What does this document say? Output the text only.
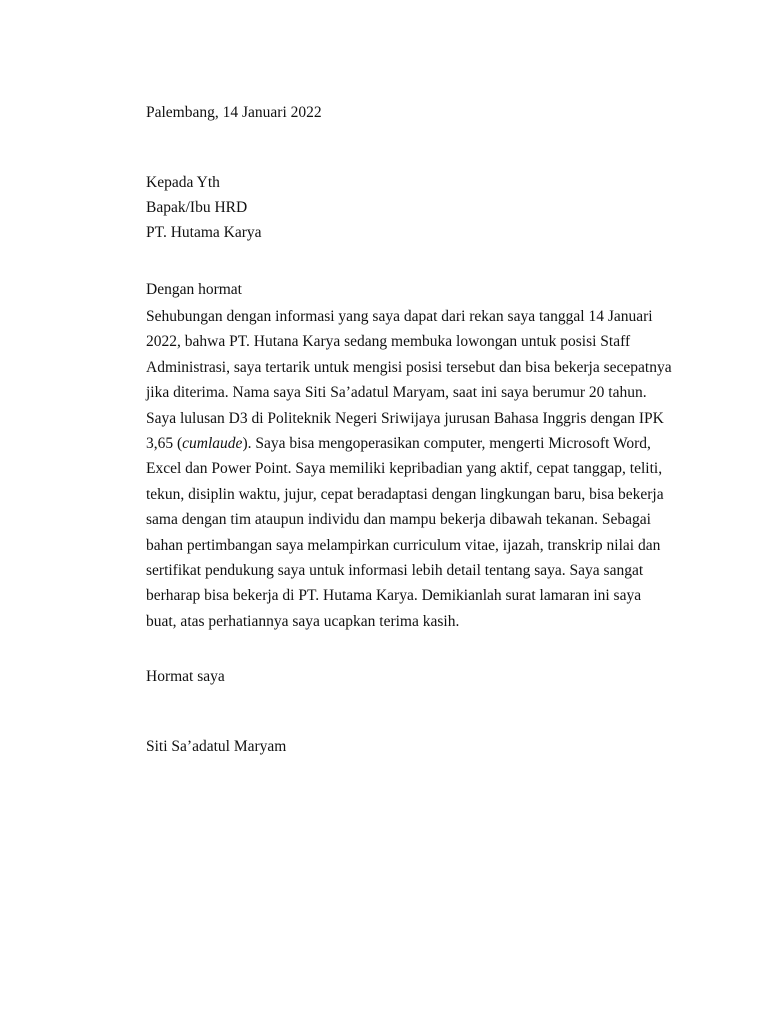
Palembang, 14 Januari 2022
Kepada Yth
Bapak/Ibu HRD
PT. Hutama Karya
Dengan hormat
Sehubungan dengan informasi yang saya dapat dari rekan saya tanggal 14 Januari
2022, bahwa PT. Hutana Karya sedang membuka lowongan untuk posisi Staff
Administrasi, saya tertarik untuk mengisi posisi tersebut dan bisa bekerja secepatnya
jika diterima. Nama saya Siti Sa’adatul Maryam, saat ini saya berumur 20 tahun.
Saya lulusan D3 di Politeknik Negeri Sriwijaya jurusan Bahasa Inggris dengan IPK
3,65 (cumlaude). Saya bisa mengoperasikan computer, mengerti Microsoft Word,
Excel dan Power Point. Saya memiliki kepribadian yang aktif, cepat tanggap, teliti,
tekun, disiplin waktu, jujur, cepat beradaptasi dengan lingkungan baru, bisa bekerja
sama dengan tim ataupun individu dan mampu bekerja dibawah tekanan. Sebagai
bahan pertimbangan saya melampirkan curriculum vitae, ijazah, transkrip nilai dan
sertifikat pendukung saya untuk informasi lebih detail tentang saya. Saya sangat
berharap bisa bekerja di PT. Hutama Karya. Demikianlah surat lamaran ini saya
buat, atas perhatiannya saya ucapkan terima kasih.
Hormat saya
Siti Sa’adatul Maryam
